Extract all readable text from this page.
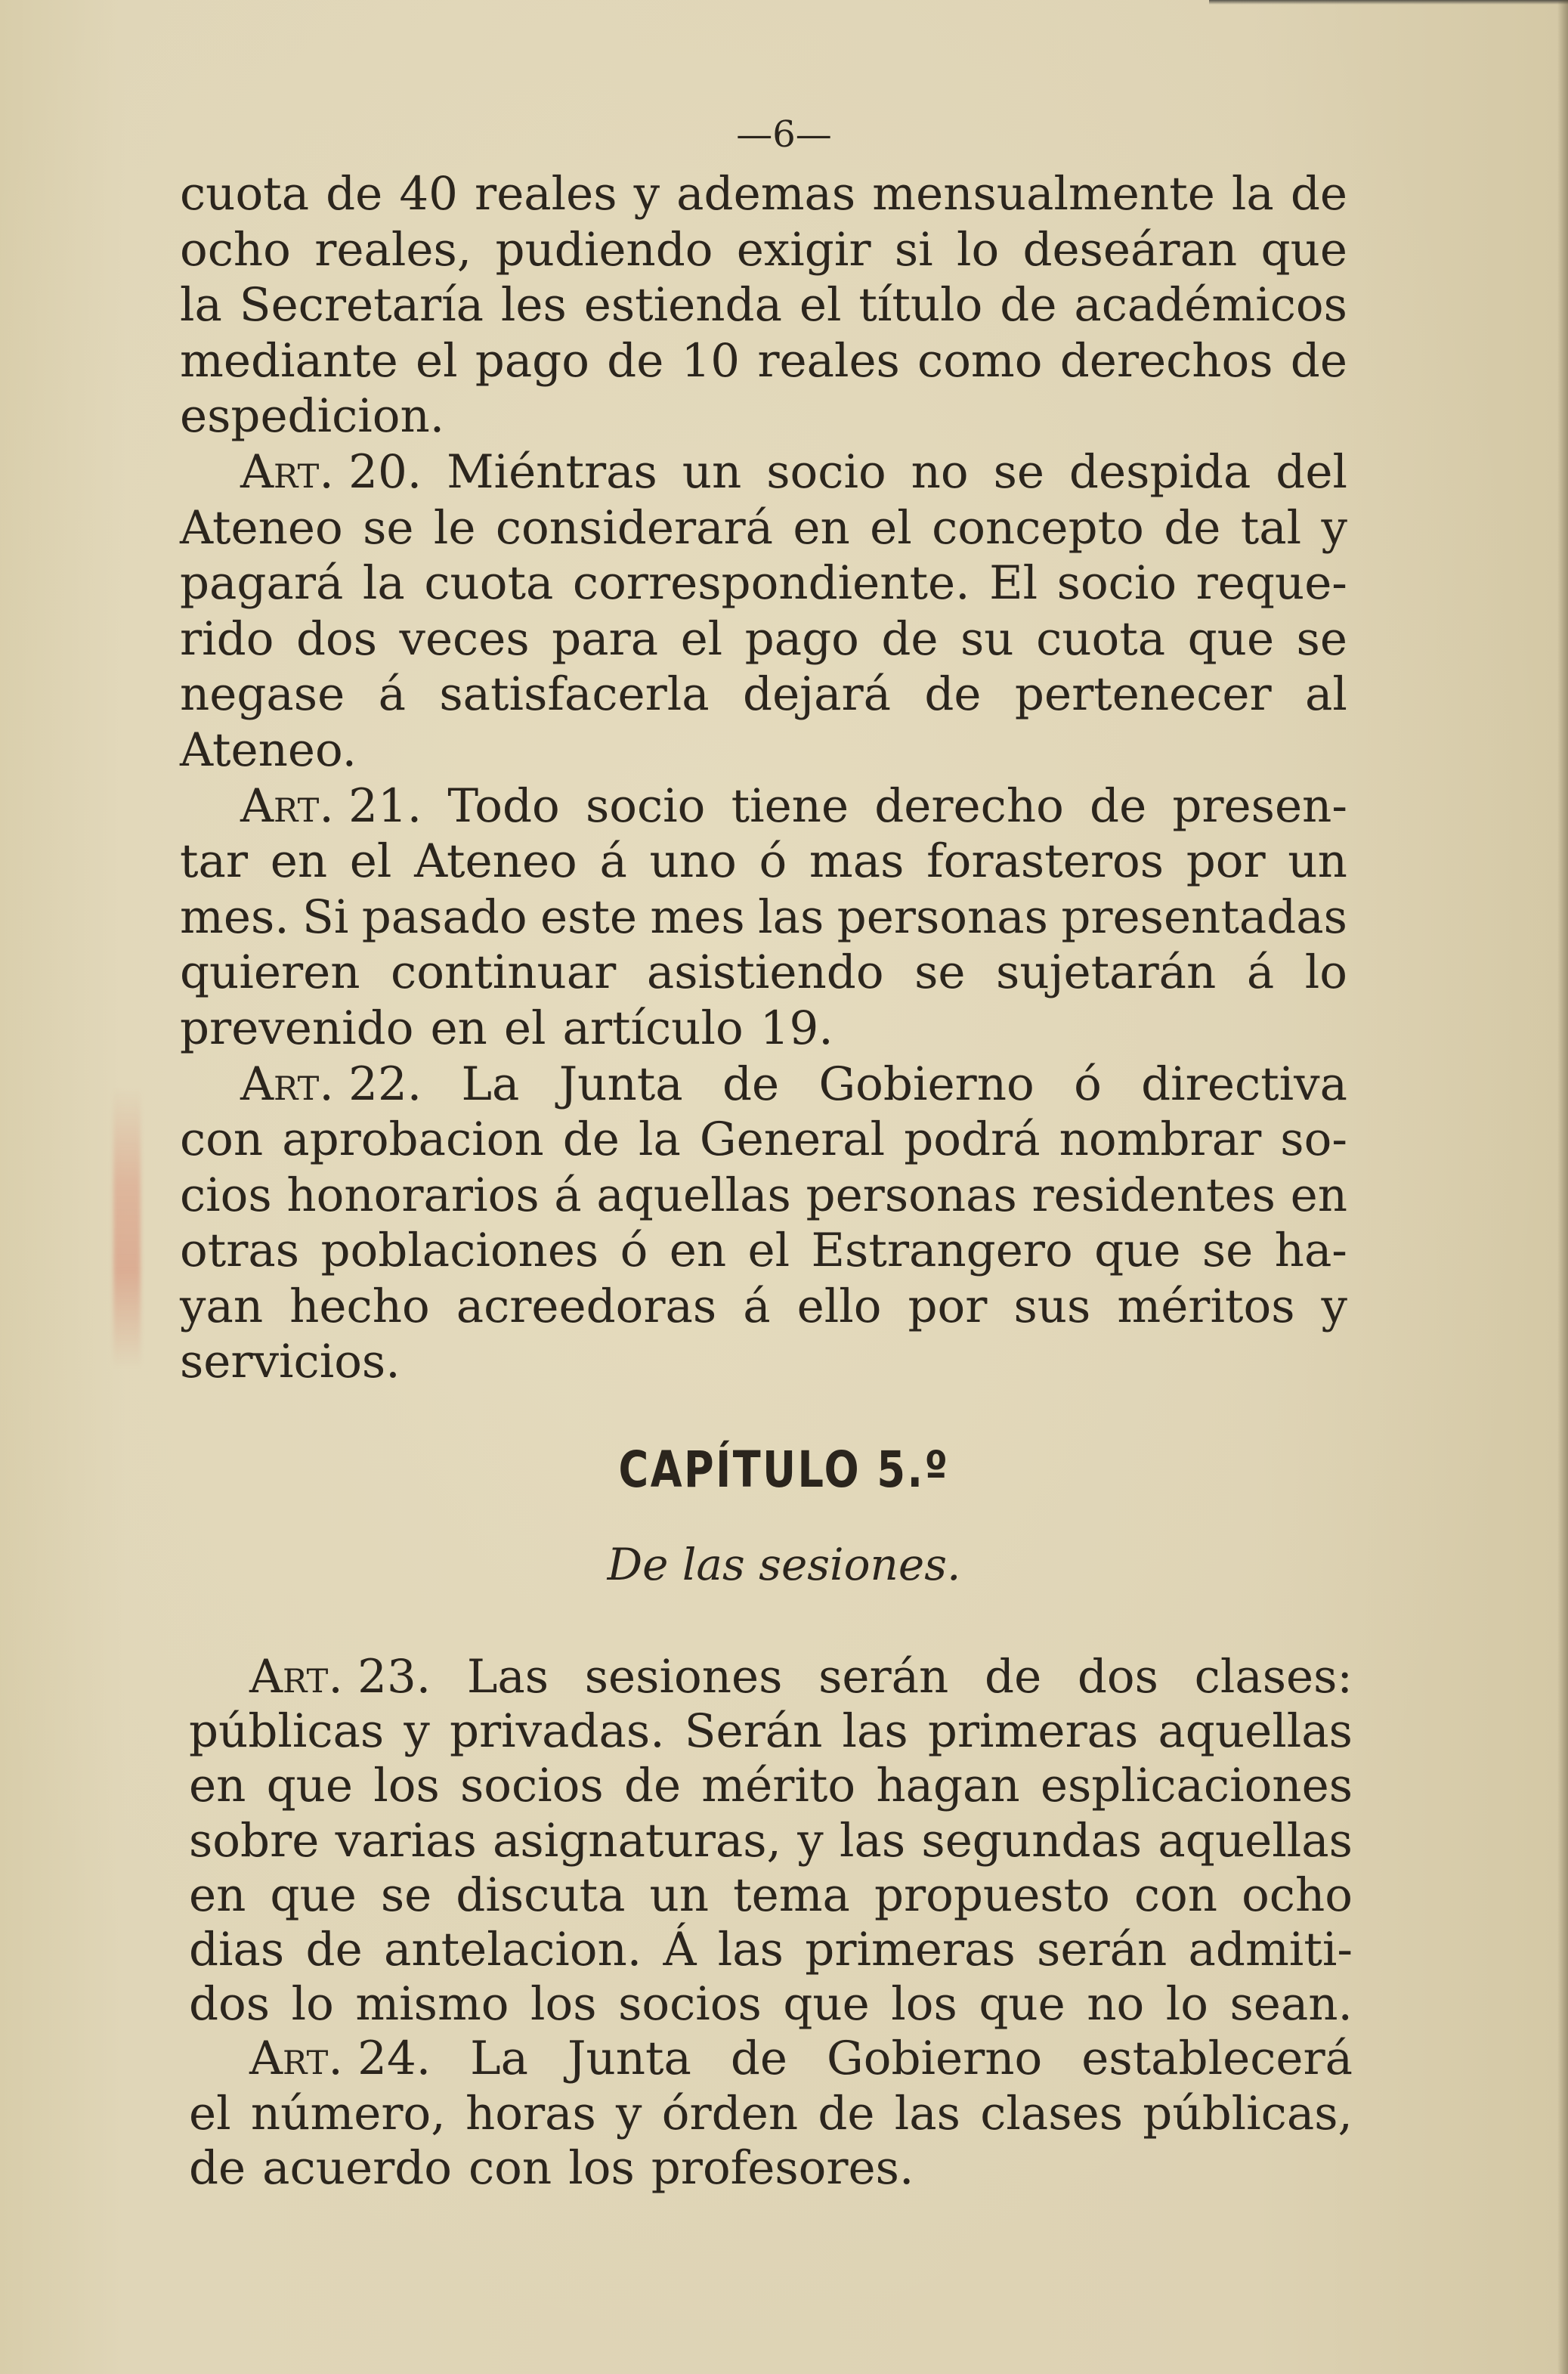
—6—
cuota de 40 reales y ademas mensualmente la de
ocho reales, pudiendo exigir si lo deseáran que
la Secretaría les estienda el título de académicos
mediante el pago de 10 reales como derechos de
espedicion.
Art. 20. Miéntras un socio no se despida del
Ateneo se le considerará en el concepto de tal y
pagará la cuota correspondiente. El socio reque-
rido dos veces para el pago de su cuota que se
negase á satisfacerla dejará de pertenecer al
Ateneo.
Art. 21. Todo socio tiene derecho de presen-
tar en el Ateneo á uno ó mas forasteros por un
mes. Si pasado este mes las personas presentadas
quieren continuar asistiendo se sujetarán á lo
prevenido en el artículo 19.
Art. 22. La Junta de Gobierno ó directiva
con aprobacion de la General podrá nombrar so-
cios honorarios á aquellas personas residentes en
otras poblaciones ó en el Estrangero que se ha-
yan hecho acreedoras á ello por sus méritos y
servicios.
CAPÍTULO 5.º
De las sesiones.
Art. 23. Las sesiones serán de dos clases:
públicas y privadas. Serán las primeras aquellas
en que los socios de mérito hagan esplicaciones
sobre varias asignaturas, y las segundas aquellas
en que se discuta un tema propuesto con ocho
dias de antelacion. Á las primeras serán admiti-
dos lo mismo los socios que los que no lo sean.
Art. 24. La Junta de Gobierno establecerá
el número, horas y órden de las clases públicas,
de acuerdo con los profesores.
